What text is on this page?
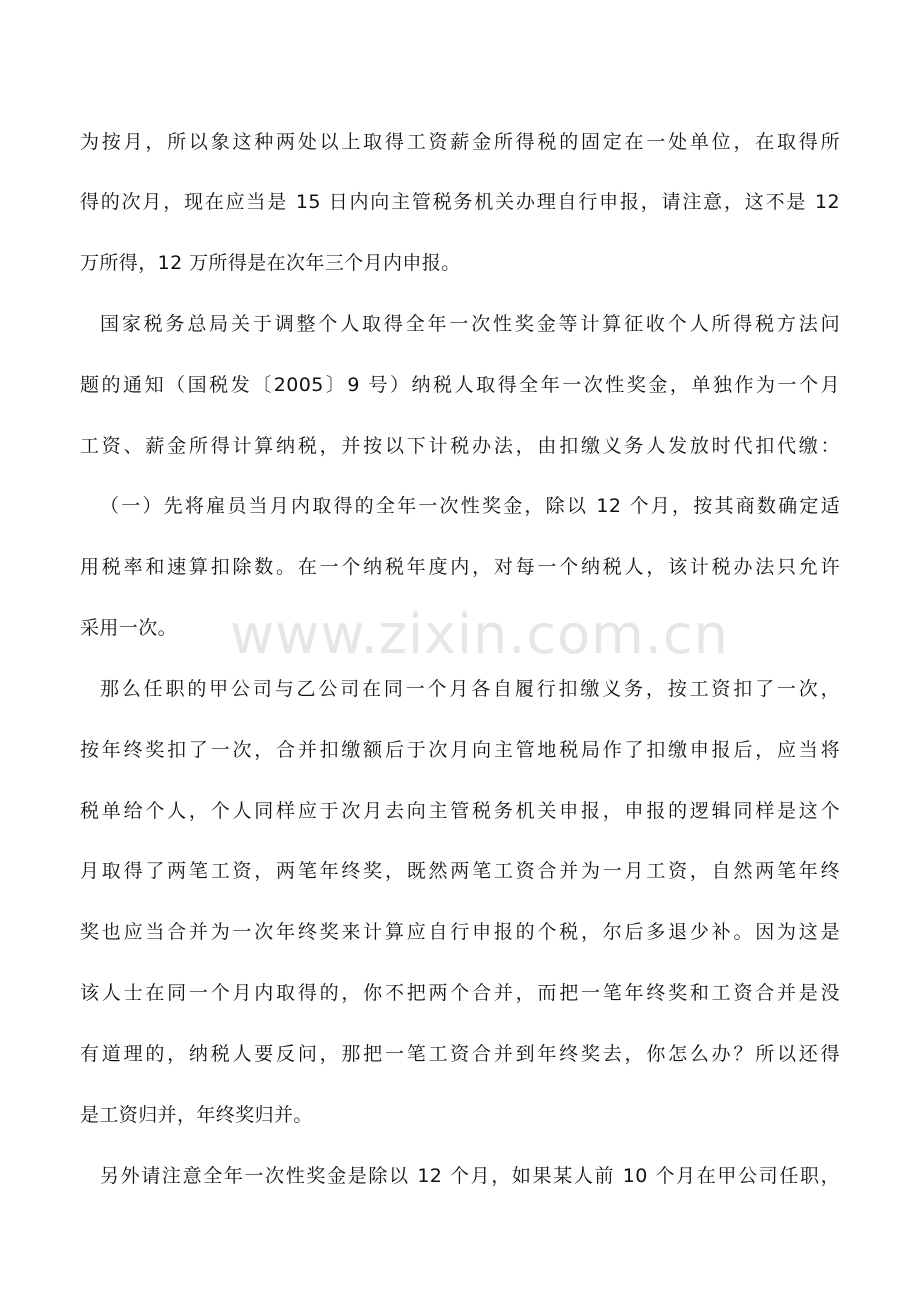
www.zixin.com.cn
为按月，所以象这种两处以上取得工资薪金所得税的固定在一处单位，在取得所
得的次月，现在应当是 15 日内向主管税务机关办理自行申报，请注意，这不是 12
万所得，12 万所得是在次年三个月内申报。
国家税务总局关于调整个人取得全年一次性奖金等计算征收个人所得税方法问
题的通知（国税发〔2005〕9 号）纳税人取得全年一次性奖金，单独作为一个月
工资、薪金所得计算纳税，并按以下计税办法，由扣缴义务人发放时代扣代缴：
（一）先将雇员当月内取得的全年一次性奖金，除以 12 个月，按其商数确定适
用税率和速算扣除数。在一个纳税年度内，对每一个纳税人，该计税办法只允许
采用一次。
那么任职的甲公司与乙公司在同一个月各自履行扣缴义务，按工资扣了一次，
按年终奖扣了一次，合并扣缴额后于次月向主管地税局作了扣缴申报后，应当将
税单给个人，个人同样应于次月去向主管税务机关申报，申报的逻辑同样是这个
月取得了两笔工资，两笔年终奖，既然两笔工资合并为一月工资，自然两笔年终
奖也应当合并为一次年终奖来计算应自行申报的个税，尔后多退少补。因为这是
该人士在同一个月内取得的，你不把两个合并，而把一笔年终奖和工资合并是没
有道理的，纳税人要反问，那把一笔工资合并到年终奖去，你怎么办？所以还得
是工资归并，年终奖归并。
另外请注意全年一次性奖金是除以 12 个月，如果某人前 10 个月在甲公司任职，
